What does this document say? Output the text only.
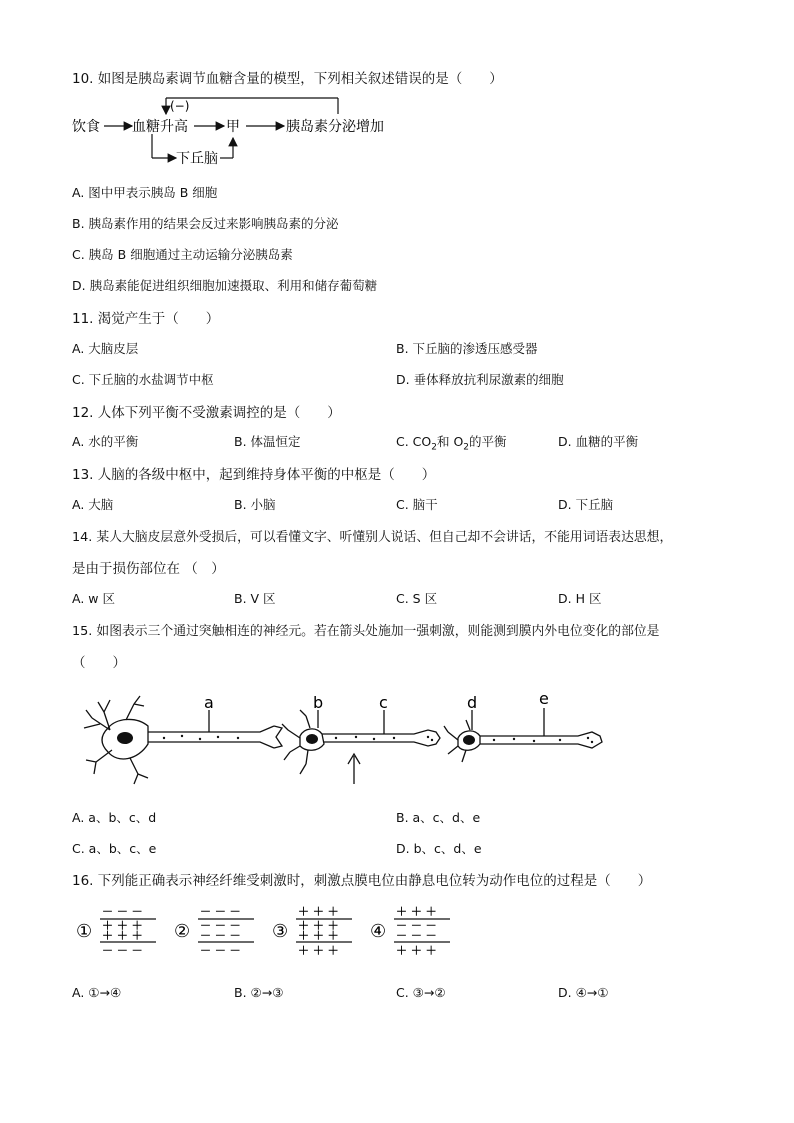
10. 如图是胰岛素调节血糖含量的模型，下列相关叙述错误的是（　　）
(−)
饮食 血糖升高	甲	胰岛素分泌增加
下丘脑
A. 图中甲表示胰岛 B 细胞
B. 胰岛素作用的结果会反过来影响胰岛素的分泌
C. 胰岛 B 细胞通过主动运输分泌胰岛素
D. 胰岛素能促进组织细胞加速摄取、利用和储存葡萄糖
11. 渴觉产生于（　　）
A. 大脑皮层	B. 下丘脑的渗透压感受器
C. 下丘脑的水盐调节中枢	D. 垂体释放抗利尿激素的细胞
12. 人体下列平衡不受激素调控的是（　　）
A. 水的平衡	B. 体温恒定	C. $CO_2$和 $O_2$的平衡	D. 血糖的平衡
13. 人脑的各级中枢中，起到维持身体平衡的中枢是（　　）
A. 大脑	B. 小脑	C. 脑干	D. 下丘脑
14. 某人大脑皮层意外受损后，可以看懂文字、听懂别人说话、但自己却不会讲话，不能用词语表达思想，
是由于损伤部位在 （　）
A. w 区	B. V 区	C. S 区	D. H 区
15. 如图表示三个通过突触相连的神经元。若在箭头处施加一强刺激，则能测到膜内外电位变化的部位是
（　　）
a	b	c	d	e
A. a、b、c、d	B. a、c、d、e
C. a、b、c、e	D. b、c、d、e
16. 下列能正确表示神经纤维受刺激时，刺激点膜电位由静息电位转为动作电位的过程是（　　）
①	②	③	④
－ － －
＋ ＋ ＋
＋ ＋ ＋
－ － －
－ － －
－ － －
－ － －
－ － －
＋ ＋ ＋
＋ ＋ ＋
＋ ＋ ＋
＋ ＋ ＋
＋ ＋ ＋
－ － －
－ － －
＋ ＋ ＋
A. ①→④	B. ②→③	C. ③→②	D. ④→①
